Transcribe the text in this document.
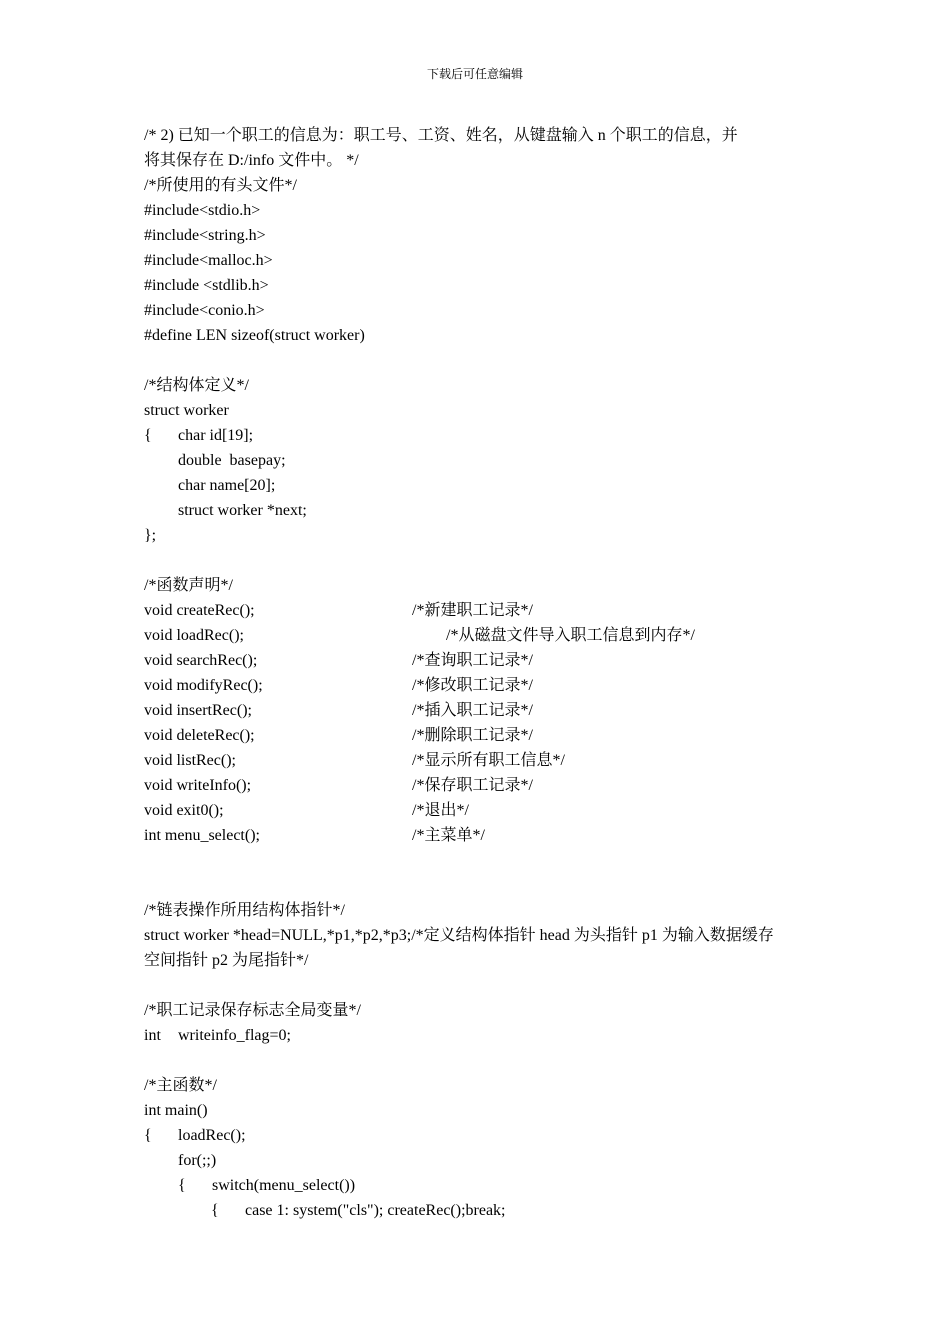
下载后可任意编辑
/* 2) 已知一个职工的信息为：职工号、工资、姓名，从键盘输入 n 个职工的信息，并
将其保存在 D:/info 文件中。 */
/*所使用的有头文件*/
#include<stdio.h>
#include<string.h>
#include<malloc.h>
#include <stdlib.h>
#include<conio.h>
#define LEN sizeof(struct worker)
/*结构体定义*/
struct worker
{ char id[19];
double  basepay;
char name[20];
struct worker *next;
};
/*函数声明*/
void createRec();	/*新建职工记录*/
void loadRec();	/*从磁盘文件导入职工信息到内存*/
void searchRec();	/*查询职工记录*/
void modifyRec();	/*修改职工记录*/
void insertRec();	/*插入职工记录*/
void deleteRec();	/*删除职工记录*/
void listRec();	/*显示所有职工信息*/
void writeInfo();	/*保存职工记录*/
void exit0();	/*退出*/
int menu_select();	/*主菜单*/
/*链表操作所用结构体指针*/
struct worker *head=NULL,*p1,*p2,*p3;/*定义结构体指针 head 为头指针 p1 为输入数据缓存
空间指针 p2 为尾指针*/
/*职工记录保存标志全局变量*/
int writeinfo_flag=0;
/*主函数*/
int main()
{ loadRec();
for(;;)
{ switch(menu_select())
{ case 1: system("cls"); createRec();break;
